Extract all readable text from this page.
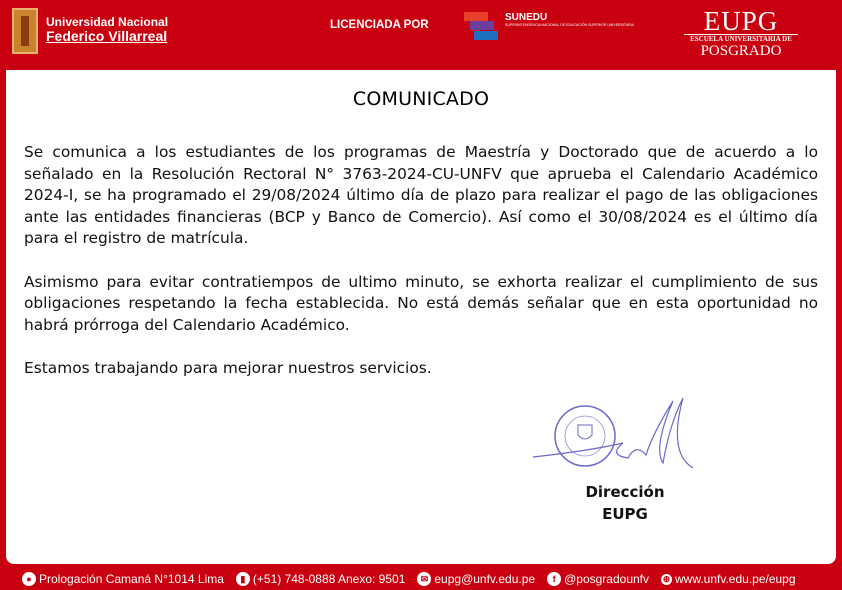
Universidad Nacional
Federico Villarreal
LICENCIADA POR
SUNEDU
SUPERINTENDENCIA NACIONAL DE EDUCACIÓN SUPERIOR UNIVERSITARIA	EUPG
ESCUELA UNIVERSITARIA DE
POSGRADO
COMUNICADO

Se comunica a los estudiantes de los programas de Maestría y Doctorado que de acuerdo a lo señalado en la Resolución Rectoral N° 3763-2024-CU-UNFV que aprueba el Calendario Académico 2024-I, se ha programado el 29/08/2024 último día de plazo para realizar el pago de las obligaciones ante las entidades financieras (BCP y Banco de Comercio). Así como el 30/08/2024 es el último día para el registro de matrícula.

Asimismo para evitar contratiempos de ultimo minuto, se exhorta realizar el cumplimiento de sus obligaciones respetando la fecha establecida. No está demás señalar que en esta oportunidad no habrá prórroga del Calendario Académico.

Estamos trabajando para mejorar nuestros servicios.

Dirección
EUPG
● Prologación Camaná N°1014 Lima	▮ (+51) 748-0888 Anexo: 9501	✉ eupg@unfv.edu.pe	f @posgradounfv ⊕ www.unfv.edu.pe/eupg
